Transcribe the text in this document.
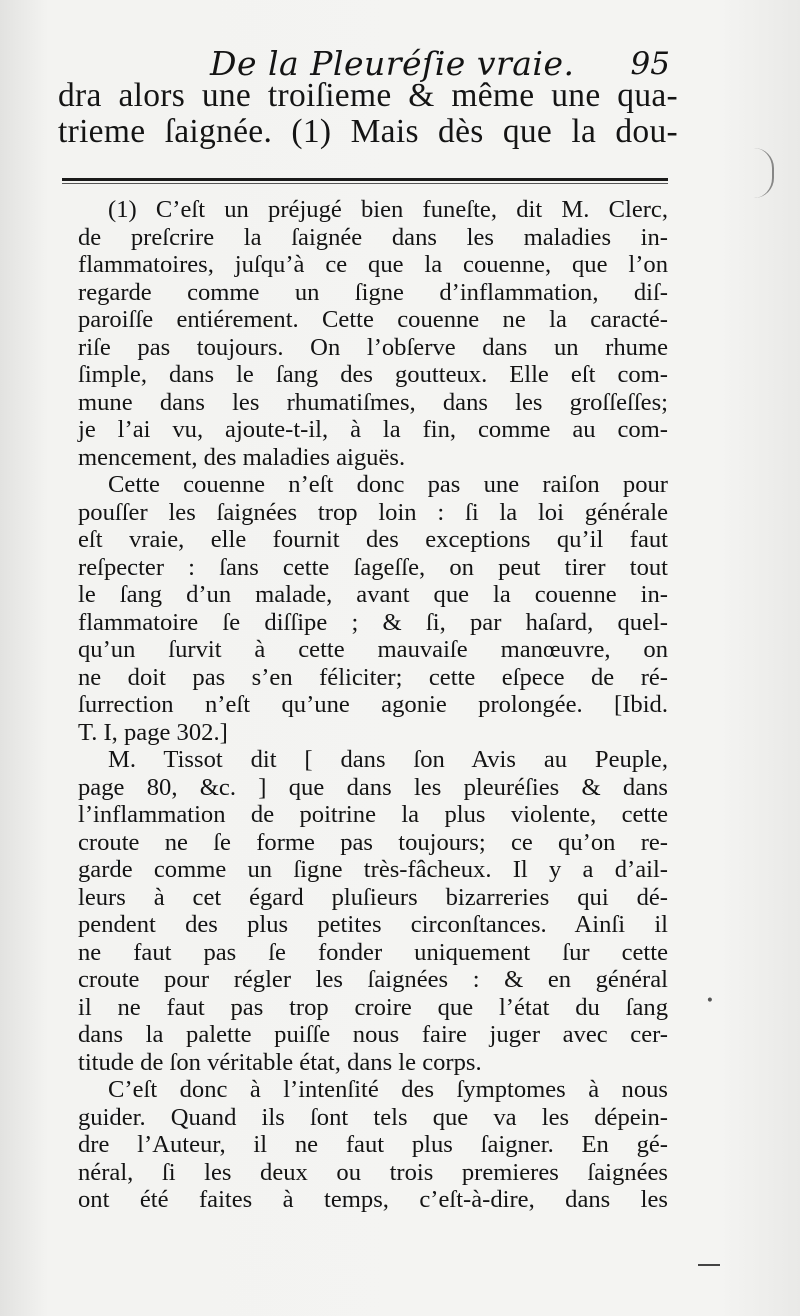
De la Pleuréſie vraie. 95
dra alors une troiſieme & même une qua-
trieme ſaignée. (1) Mais dès que la dou-

(1) C’eſt un préjugé bien funeſte, dit M. Clerc,
de preſcrire la ſaignée dans les maladies in-
flammatoires, juſqu’à ce que la couenne, que l’on
regarde comme un ſigne d’inflammation, diſ-
paroiſſe entiérement. Cette couenne ne la caracté-
riſe pas toujours. On l’obſerve dans un rhume
ſimple, dans le ſang des goutteux. Elle eſt com-
mune dans les rhumatiſmes, dans les groſſeſſes;
je l’ai vu, ajoute-t-il, à la fin, comme au com-
mencement, des maladies aiguës.

Cette couenne n’eſt donc pas une raiſon pour
pouſſer les ſaignées trop loin : ſi la loi générale
eſt vraie, elle fournit des exceptions qu’il faut
reſpecter : ſans cette ſageſſe, on peut tirer tout
le ſang d’un malade, avant que la couenne in-
flammatoire ſe diſſipe ; & ſi, par haſard, quel-
qu’un ſurvit à cette mauvaiſe manœuvre, on
ne doit pas s’en féliciter; cette eſpece de ré-
ſurrection n’eſt qu’une agonie prolongée. [Ibid.
T. I, page 302.]

M. Tissot dit [ dans ſon Avis au Peuple,
page 80, &c. ] que dans les pleuréſies & dans
l’inflammation de poitrine la plus violente, cette
croute ne ſe forme pas toujours; ce qu’on re-
garde comme un ſigne très-fâcheux. Il y a d’ail-
leurs à cet égard pluſieurs bizarreries qui dé-
pendent des plus petites circonſtances. Ainſi il
ne faut pas ſe fonder uniquement ſur cette
croute pour régler les ſaignées : & en général
il ne faut pas trop croire que l’état du ſang
dans la palette puiſſe nous faire juger avec cer-
titude de ſon véritable état, dans le corps.

C’eſt donc à l’intenſité des ſymptomes à nous
guider. Quand ils ſont tels que va les dépein-
dre l’Auteur, il ne faut plus ſaigner. En gé-
néral, ſi les deux ou trois premieres ſaignées
ont été faites à temps, c’eſt-à-dire, dans les

•
